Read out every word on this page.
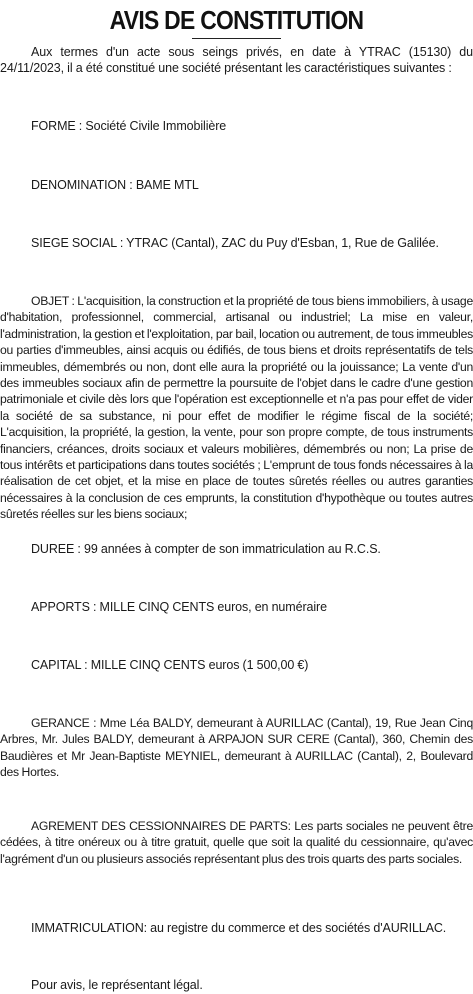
AVIS DE CONSTITUTION

Aux termes d'un acte sous seings privés, en date à YTRAC (15130) du 24/11/2023, il a été constitué une société présentant les caractéristiques suivantes :

FORME : Société Civile Immobilière

DENOMINATION : BAME MTL

SIEGE SOCIAL : YTRAC (Cantal), ZAC du Puy d'Esban, 1, Rue de Galilée.

OBJET : L'acquisition, la construction et la propriété de tous biens immobiliers, à usage d'habitation, professionnel, commercial, artisanal ou industriel; La mise en valeur, l'administration, la gestion et l'exploitation, par bail, location ou autrement, de tous immeubles ou parties d'immeubles, ainsi acquis ou édifiés, de tous biens et droits représentatifs de tels immeubles, démembrés ou non, dont elle aura la propriété ou la jouissance; La vente d'un des immeubles sociaux afin de permettre la poursuite de l'objet dans le cadre d'une gestion patrimoniale et civile dès lors que l'opération est exceptionnelle et n'a pas pour effet de vider la société de sa substance, ni pour effet de modifier le régime fiscal de la société; L'acquisition, la propriété, la gestion, la vente, pour son propre compte, de tous instruments financiers, créances, droits sociaux et valeurs mobilières, démembrés ou non; La prise de tous intérêts et participations dans toutes sociétés ; L'emprunt de tous fonds nécessaires à la réalisation de cet objet, et la mise en place de toutes sûretés réelles ou autres garanties nécessaires à la conclusion de ces emprunts, la constitution d'hypothèque ou toutes autres sûretés réelles sur les biens sociaux;

DUREE : 99 années à compter de son immatriculation au R.C.S.

APPORTS : MILLE CINQ CENTS euros, en numéraire

CAPITAL : MILLE CINQ CENTS euros (1 500,00 €)

GERANCE : Mme Léa BALDY, demeurant à AURILLAC (Cantal), 19, Rue Jean Cinq Arbres, Mr. Jules BALDY, demeurant à ARPAJON SUR CERE (Cantal), 360, Chemin des Baudières et Mr Jean-Baptiste MEYNIEL, demeurant à AURILLAC (Cantal), 2, Boulevard des Hortes.

AGREMENT DES CESSIONNAIRES DE PARTS: Les parts sociales ne peuvent être cédées, à titre onéreux ou à titre gratuit, quelle que soit la qualité du cessionnaire, qu'avec l'agrément d'un ou plusieurs associés représentant plus des trois quarts des parts sociales.

IMMATRICULATION: au registre du commerce et des sociétés d'AURILLAC.

Pour avis, le représentant légal.
